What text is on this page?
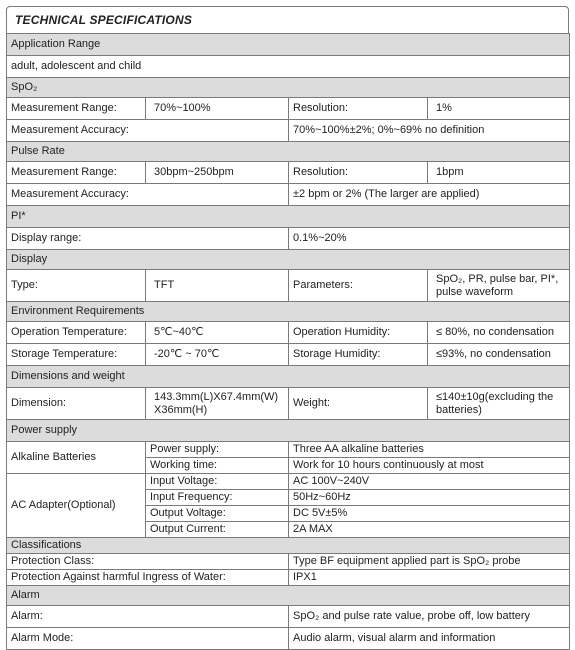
TECHNICAL SPECIFICATIONS
Application Range			
adult, adolescent and child			
SpO₂			
Measurement Range:	70%~100%	Resolution:	1%
Measurement Accuracy:		70%~100%±2%; 0%~69% no definition	
Pulse Rate			
Measurement Range:	30bpm~250bpm	Resolution:	1bpm
Measurement Accuracy:		±2 bpm or 2% (The larger are applied)	
PI*			
Display range:		0.1%~20%	
Display			
Type:	TFT	Parameters:	SpO₂, PR, pulse bar, PI*, pulse waveform
Environment Requirements			
Operation Temperature:	5℃~40℃	Operation Humidity:	≤ 80%, no condensation
Storage Temperature:	-20℃ ~ 70℃	Storage Humidity:	≤93%, no condensation
Dimensions and weight			
Dimension:	143.3mm(L)X67.4mm(W) X36mm(H)	Weight:	≤140±10g(excluding the batteries)
Power supply			
Alkaline Batteries	Power supply:	Three AA alkaline batteries	
	Working time:	Work for 10 hours continuously at most	
AC Adapter(Optional)	Input Voltage:	AC 100V~240V	
	Input Frequency:	50Hz~60Hz	
	Output Voltage:	DC 5V±5%	
	Output Current:	2A MAX	
Classifications			
Protection Class:		Type BF equipment applied part is SpO₂ probe	
Protection Against harmful Ingress of Water:		IPX1	
Alarm			
Alarm:		SpO₂ and pulse rate value, probe off, low battery	
Alarm Mode:		Audio alarm, visual alarm and information	
